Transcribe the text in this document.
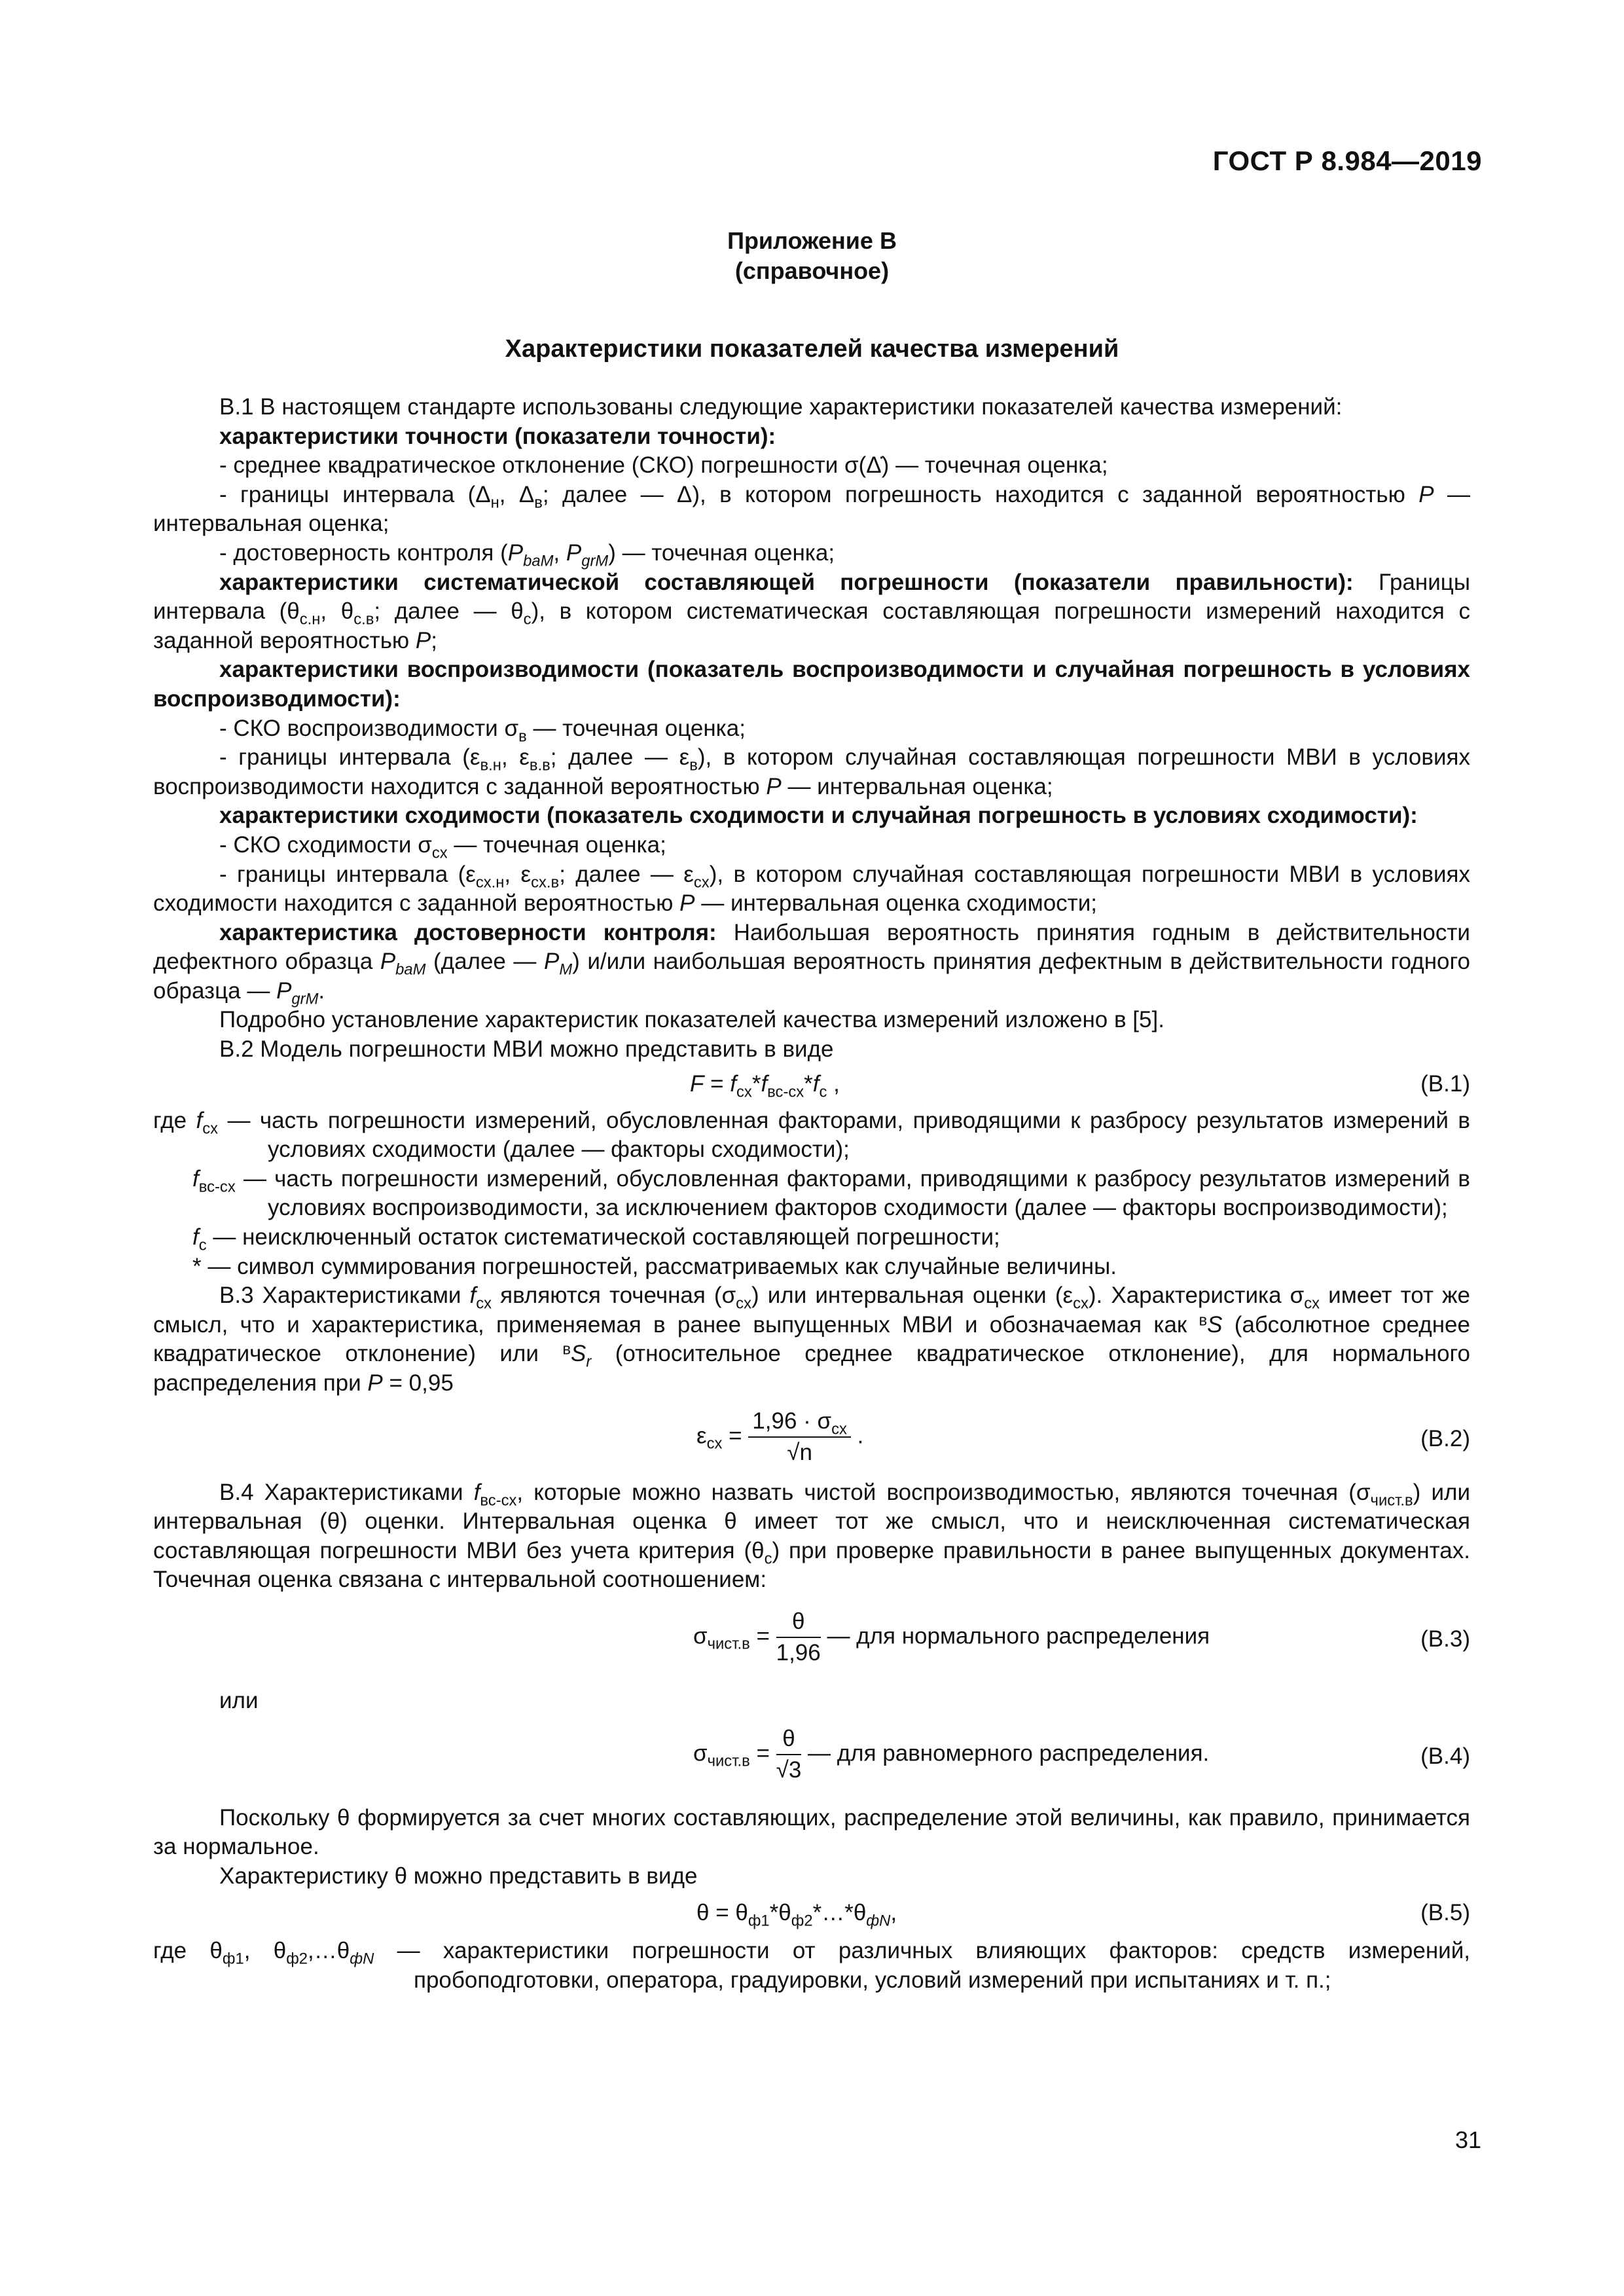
ГОСТ Р 8.984—2019
Приложение В
(справочное)
Характеристики показателей качества измерений

В.1 В настоящем стандарте использованы следующие характеристики показателей качества измерений:

характеристики точности (показатели точности):

- среднее квадратическое отклонение (СКО) погрешности σ(Δ̇) — точечная оценка;

- границы интервала ($\Delta_н$, $\Delta_в$; далее — Δ), в котором погрешность находится с заданной вероятностью P — интервальная оценка;

- достоверность контроля ($P_{baM}$, $P_{grM}$) — точечная оценка;

характеристики систематической составляющей погрешности (показатели правильности): Границы интервала ($\theta_{с.н}$, $\theta_{с.в}$; далее — $\theta_с$), в котором систематическая составляющая погрешности измерений находится с заданной вероятностью P;

характеристики воспроизводимости (показатель воспроизводимости и случайная погрешность в условиях воспроизводимости):

- СКО воспроизводимости $\sigma_в$ — точечная оценка;

- границы интервала ($\varepsilon_{в.н}$, $\varepsilon_{в.в}$; далее — $\varepsilon_в$), в котором случайная составляющая погрешности МВИ в условиях воспроизводимости находится с заданной вероятностью P — интервальная оценка;

характеристики сходимости (показатель сходимости и случайная погрешность в условиях сходимости):

- СКО сходимости $\sigma_{сх}$ — точечная оценка;

- границы интервала ($\varepsilon_{сх.н}$, $\varepsilon_{сх.в}$; далее — $\varepsilon_{сх}$), в котором случайная составляющая погрешности МВИ в условиях сходимости находится с заданной вероятностью P — интервальная оценка сходимости;

характеристика достоверности контроля: Наибольшая вероятность принятия годным в действительности дефектного образца $P_{baM}$ (далее — $P_M$) и/или наибольшая вероятность принятия дефектным в действительности годного образца — $P_{grM}$.

Подробно установление характеристик показателей качества измерений изложено в [5].

В.2 Модель погрешности МВИ можно представить в виде

$F = f_{сх}*f_{вс-сх}*f_с$ ,	(В.1)

где $f_{сх}$ — часть погрешности измерений, обусловленная факторами, приводящими к разбросу результатов измерений в условиях сходимости (далее — факторы сходимости);

$f_{вс-сх}$ — часть погрешности измерений, обусловленная факторами, приводящими к разбросу результатов измерений в условиях воспроизводимости, за исключением факторов сходимости (далее — факторы воспроизводимости);

$f_с$ — неисключенный остаток систематической составляющей погрешности;

* — символ суммирования погрешностей, рассматриваемых как случайные величины.

В.3 Характеристиками $f_{сх}$ являются точечная $(\sigma_{сх})$ или интервальная оценки $(\varepsilon_{сх})$. Характеристика $\sigma_{сх}$ имеет тот же смысл, что и характеристика, применяемая в ранее выпущенных МВИ и обозначаемая как $^в$S (абсолютное среднее квадратическое отклонение) или $^вS_r$ (относительное среднее квадратическое отклонение), для нормального распределения при P = 0,95

$\varepsilon_{сх} = \frac{1,96 \cdot \sigma_{сх}}{√n}$ .	(В.2)

В.4 Характеристиками $f_{вс-сх}$, которые можно назвать чистой воспроизводимостью, являются точечная $(\sigma_{чист.в})$ или интервальная (θ) оценки. Интервальная оценка θ имеет тот же смысл, что и неисключенная систематическая составляющая погрешности МВИ без учета критерия $(\theta_с)$ при проверке правильности в ранее выпущенных документах. Точечная оценка связана с интервальной соотношением:

$\sigma_{чист.в} = \frac{\theta}{1,96}$ — для нормального распределения	(В.3)

или

$\sigma_{чист.в} = \frac{\theta}{√3}$ — для равномерного распределения.	(В.4)

Поскольку θ формируется за счет многих составляющих, распределение этой величины, как правило, принимается за нормальное.

Характеристику θ можно представить в виде

$\theta = \theta_{ф1}*\theta_{ф2}*\dots*\theta_{фN}$,	(В.5)

где $\theta_{ф1}$, $\theta_{ф2},\dots\theta_{фN}$ — характеристики погрешности от различных влияющих факторов: средств измерений, пробоподготовки, оператора, градуировки, условий измерений при испытаниях и т. п.;

31
